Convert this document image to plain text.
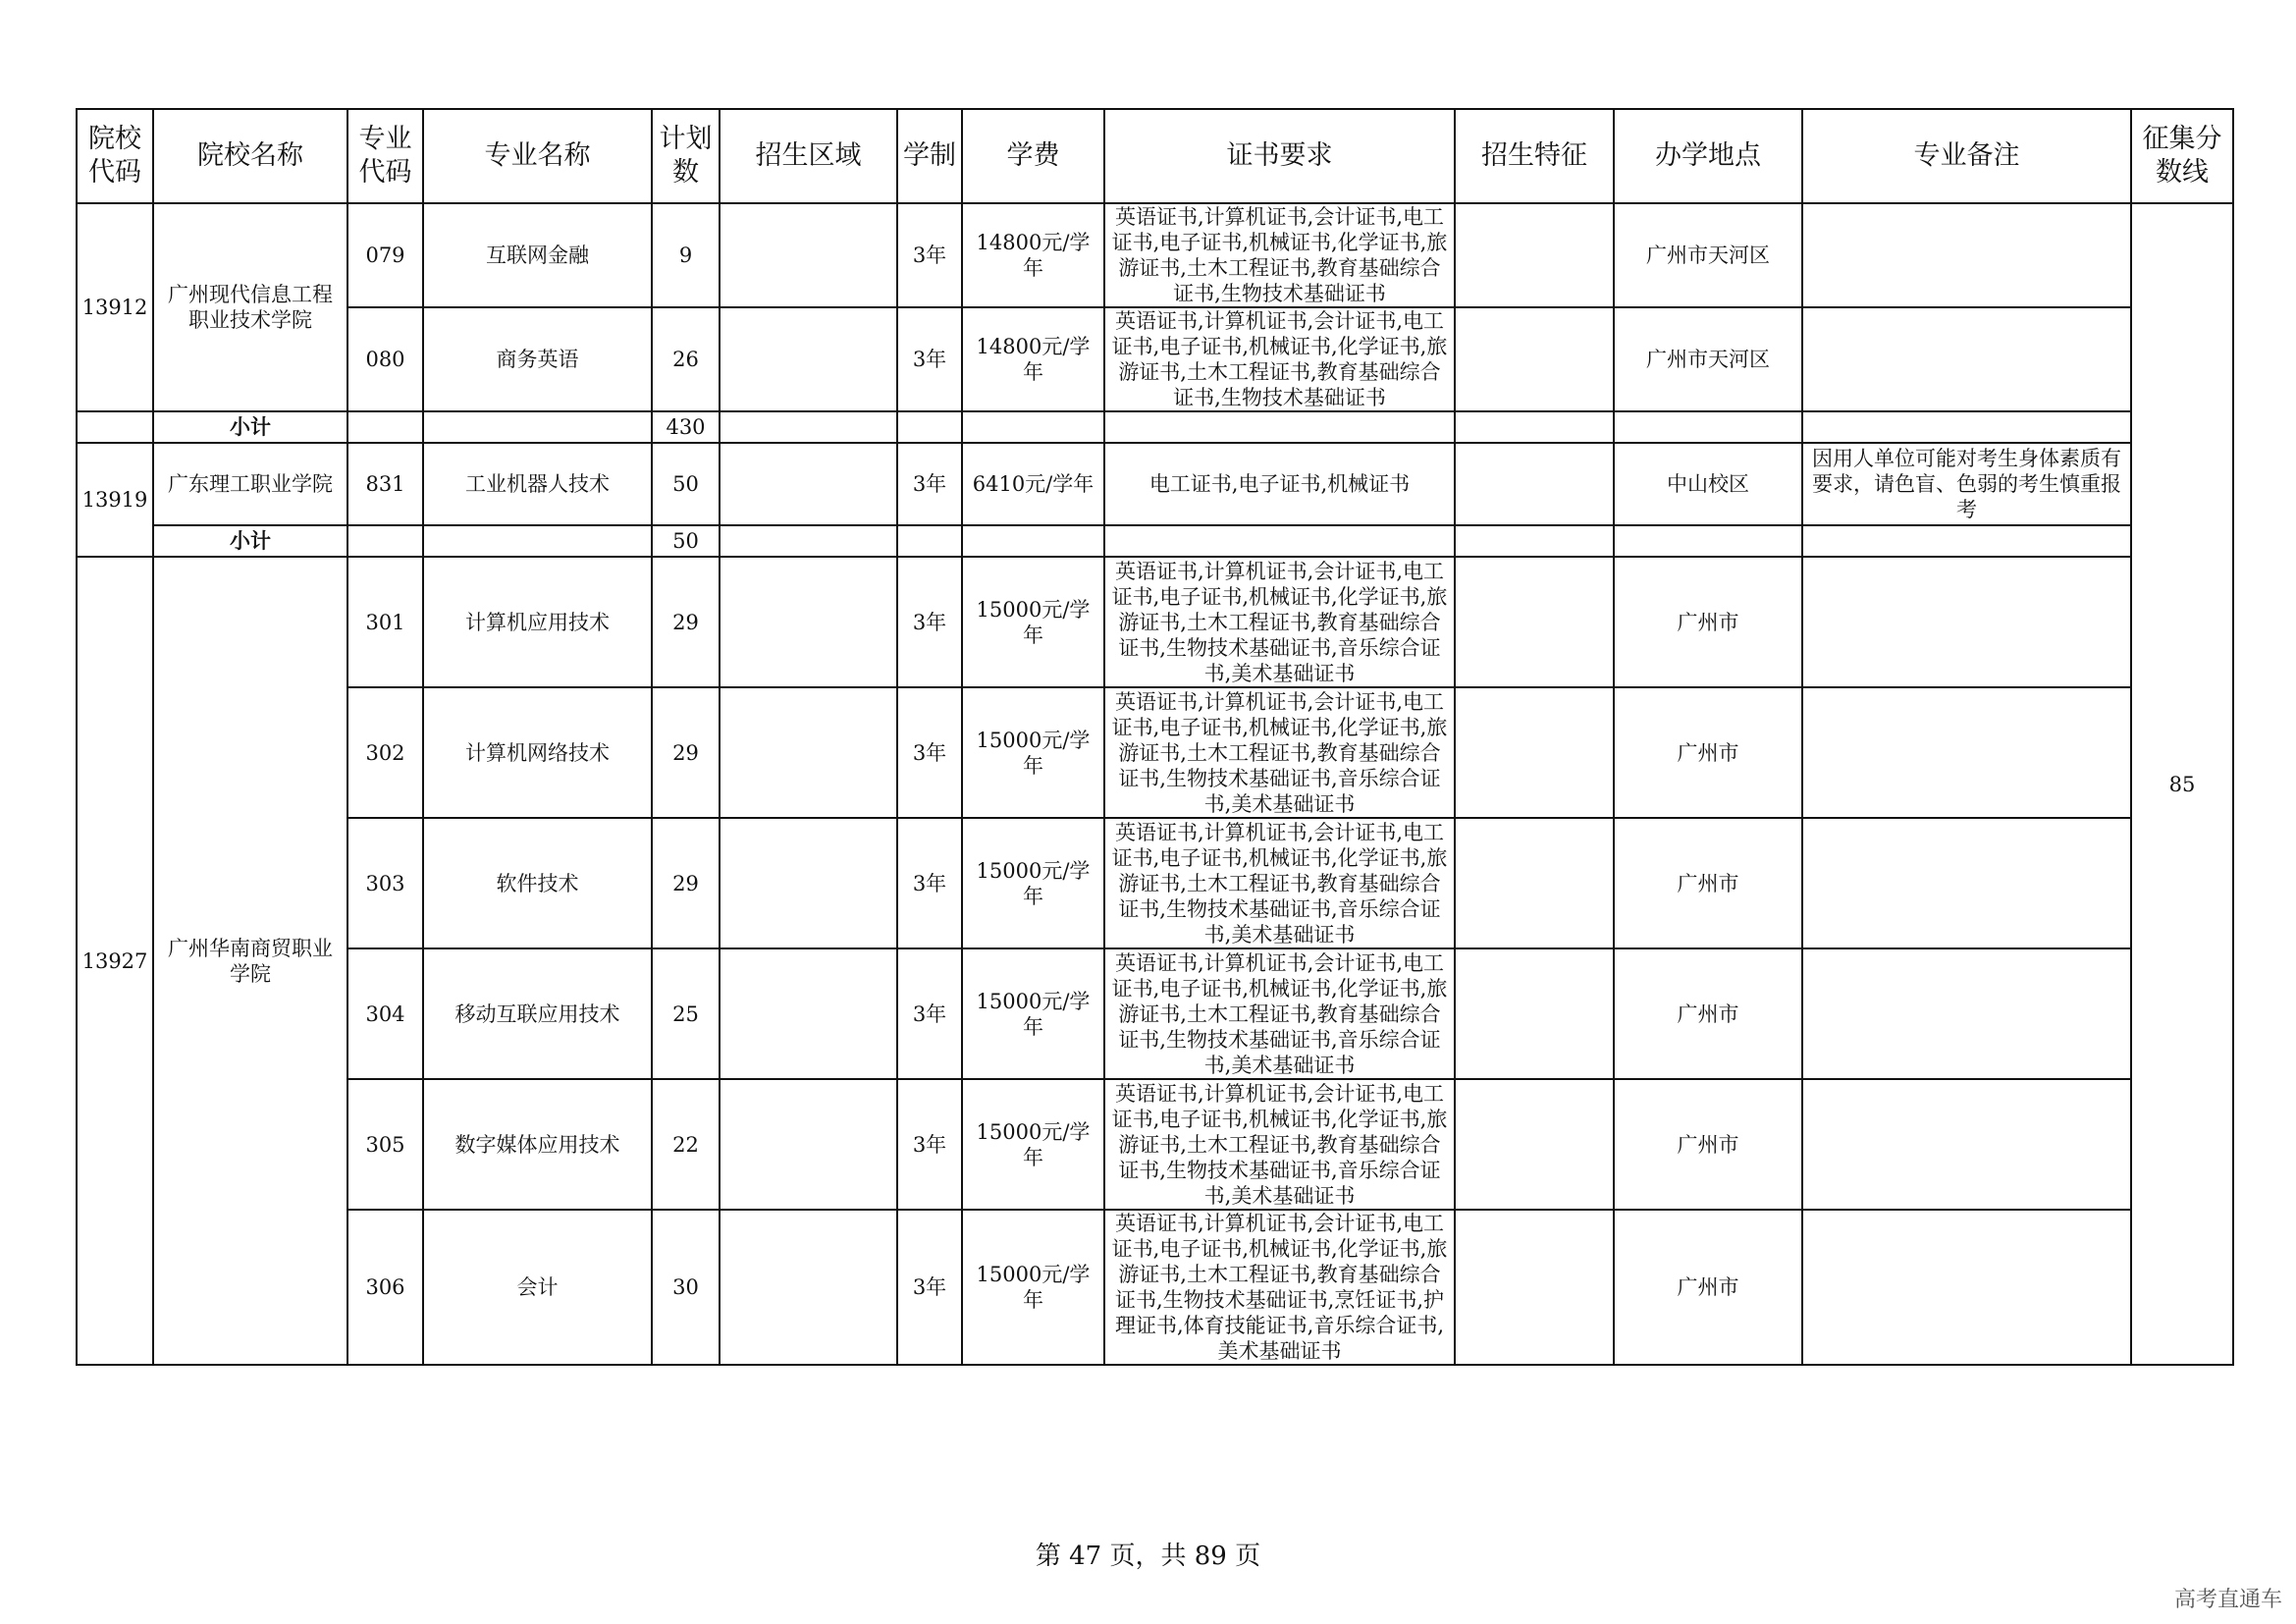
院校代码	院校名称	专业代码	专业名称	计划数	招生区域	学制	学费	证书要求	招生特征	办学地点	专业备注	征集分数线
13912	广州现代信息工程职业技术学院	079	互联网金融	9		3年	14800元/学年	英语证书,计算机证书,会计证书,电工证书,电子证书,机械证书,化学证书,旅游证书,土木工程证书,教育基础综合证书,生物技术基础证书		广州市天河区		85
		080	商务英语	26		3年	14800元/学年	英语证书,计算机证书,会计证书,电工证书,电子证书,机械证书,化学证书,旅游证书,土木工程证书,教育基础综合证书,生物技术基础证书		广州市天河区		
	小计			430								
13919	广东理工职业学院	831	工业机器人技术	50		3年	6410元/学年	电工证书,电子证书,机械证书		中山校区	因用人单位可能对考生身体素质有要求，请色盲、色弱的考生慎重报考	
	小计			50								
13927	广州华南商贸职业学院	301	计算机应用技术	29		3年	15000元/学年	英语证书,计算机证书,会计证书,电工证书,电子证书,机械证书,化学证书,旅游证书,土木工程证书,教育基础综合证书,生物技术基础证书,音乐综合证书,美术基础证书		广州市		
		302	计算机网络技术	29		3年	15000元/学年	英语证书,计算机证书,会计证书,电工证书,电子证书,机械证书,化学证书,旅游证书,土木工程证书,教育基础综合证书,生物技术基础证书,音乐综合证书,美术基础证书		广州市		
		303	软件技术	29		3年	15000元/学年	英语证书,计算机证书,会计证书,电工证书,电子证书,机械证书,化学证书,旅游证书,土木工程证书,教育基础综合证书,生物技术基础证书,音乐综合证书,美术基础证书		广州市		
		304	移动互联应用技术	25		3年	15000元/学年	英语证书,计算机证书,会计证书,电工证书,电子证书,机械证书,化学证书,旅游证书,土木工程证书,教育基础综合证书,生物技术基础证书,音乐综合证书,美术基础证书		广州市		
		305	数字媒体应用技术	22		3年	15000元/学年	英语证书,计算机证书,会计证书,电工证书,电子证书,机械证书,化学证书,旅游证书,土木工程证书,教育基础综合证书,生物技术基础证书,音乐综合证书,美术基础证书		广州市		
		306	会计	30		3年	15000元/学年	英语证书,计算机证书,会计证书,电工证书,电子证书,机械证书,化学证书,旅游证书,土木工程证书,教育基础综合证书,生物技术基础证书,烹饪证书,护理证书,体育技能证书,音乐综合证书,美术基础证书		广州市		
第 47 页，共 89 页
高考直通车
